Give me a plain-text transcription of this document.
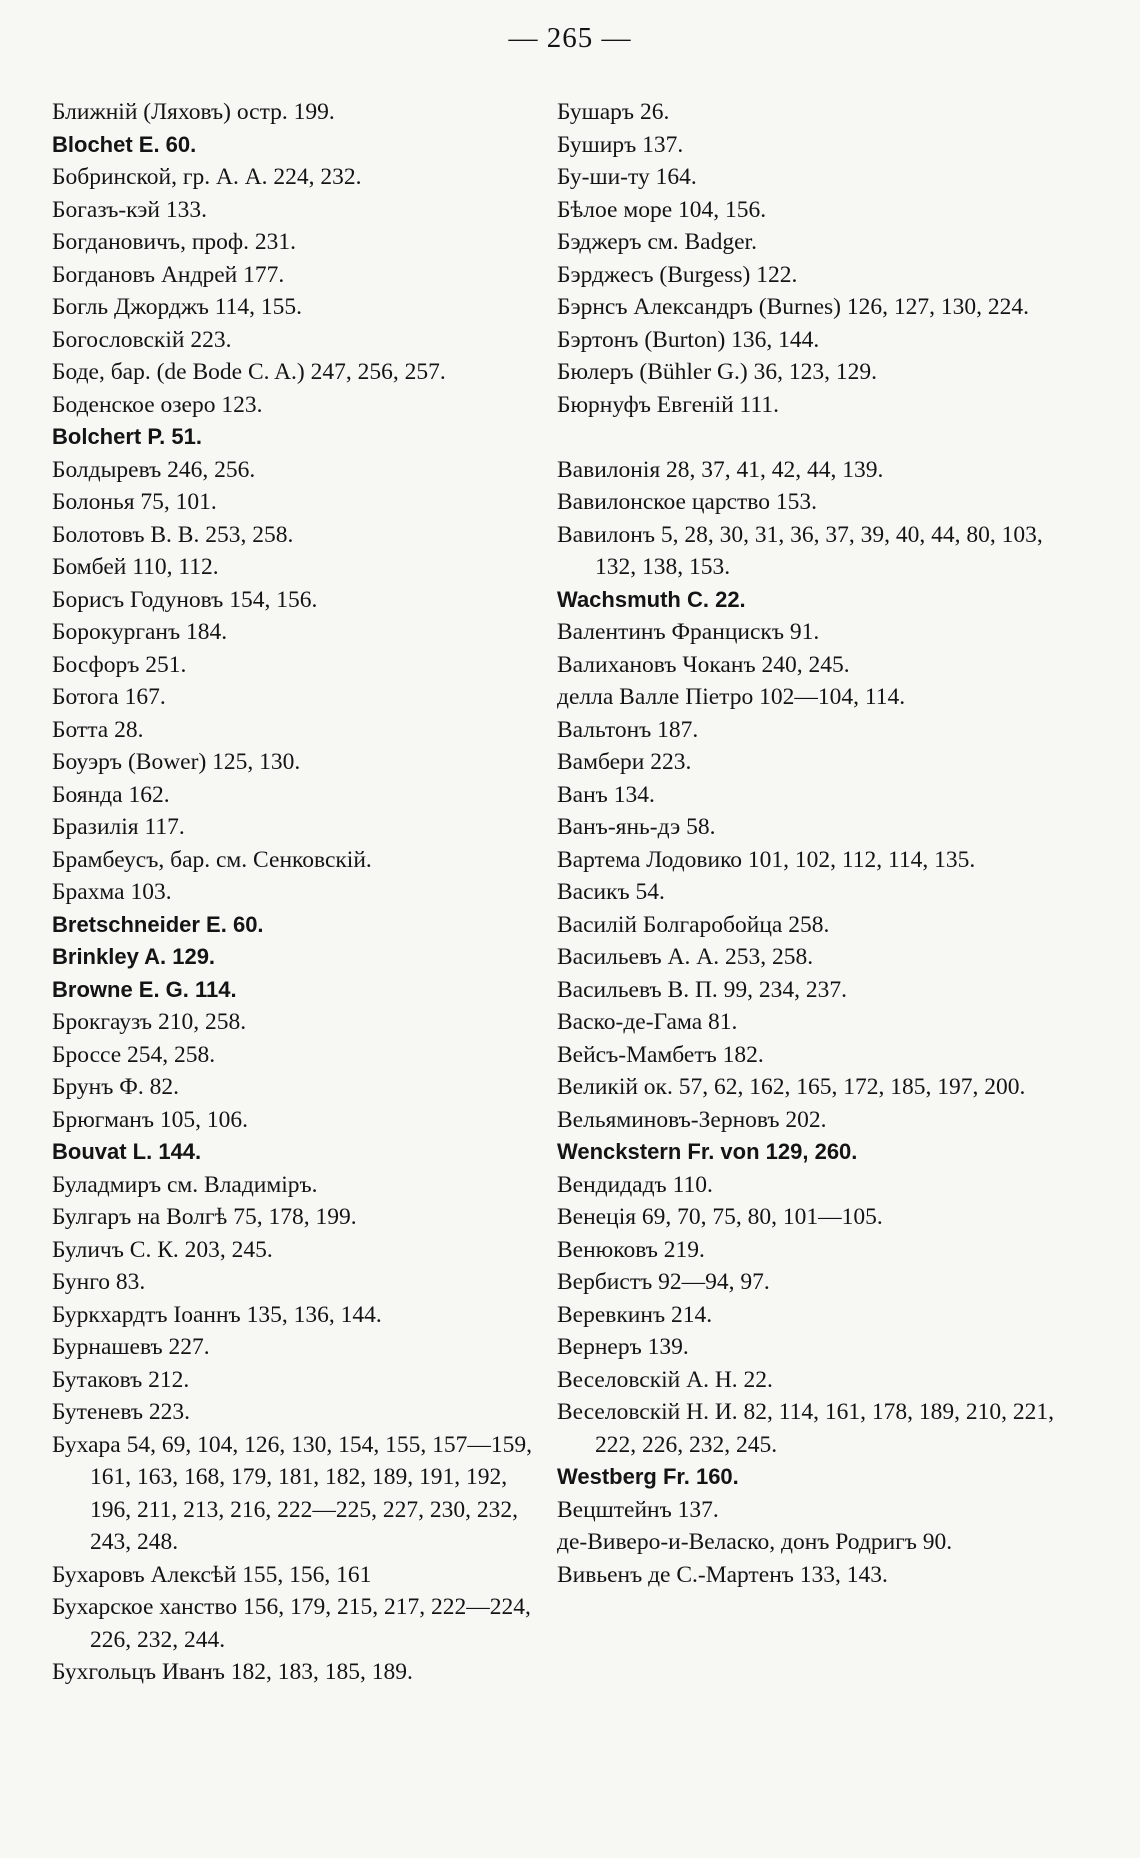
— 265 —
Ближній (Ляховъ) остр. 199.
Blochet E. 60.
Бобринской, гр. А. А. 224, 232.
Богазъ-кэй 133.
Богдановичъ, проф. 231.
Богдановъ Андрей 177.
Богль Джорджъ 114, 155.
Богословскій 223.
Боде, бар. (de Bode C. A.) 247, 256, 257.
Боденское озеро 123.
Bolchert P. 51.
Болдыревъ 246, 256.
Болонья 75, 101.
Болотовъ В. В. 253, 258.
Бомбей 110, 112.
Борисъ Годуновъ 154, 156.
Борокурганъ 184.
Босфоръ 251.
Ботога 167.
Ботта 28.
Боуэръ (Bower) 125, 130.
Боянда 162.
Бразилія 117.
Брамбеусъ, бар. см. Сенковскій.
Брахма 103.
Bretschneider E. 60.
Brinkley A. 129.
Browne E. G. 114.
Брокгаузъ 210, 258.
Броссе 254, 258.
Брунъ Ф. 82.
Брюгманъ 105, 106.
Bouvat L. 144.
Буладмиръ см. Владиміръ.
Булгаръ на Волгѣ 75, 178, 199.
Буличъ С. К. 203, 245.
Бунго 83.
Буркхардтъ Іоаннъ 135, 136, 144.
Бурнашевъ 227.
Бутаковъ 212.
Бутеневъ 223.
Бухара 54, 69, 104, 126, 130, 154, 155, 157—159, 161, 163, 168, 179, 181, 182, 189, 191, 192, 196, 211, 213, 216, 222—225, 227, 230, 232, 243, 248.
Бухаровъ Алексѣй 155, 156, 161
Бухарское ханство 156, 179, 215, 217, 222—224, 226, 232, 244.
Бухгольцъ Иванъ 182, 183, 185, 189.
Бушаръ 26.
Буширъ 137.
Бу-ши-ту 164.
Бѣлое море 104, 156.
Бэджеръ см. Badger.
Бэрджесъ (Burgess) 122.
Бэрнсъ Александръ (Burnes) 126, 127, 130, 224.
Бэртонъ (Burton) 136, 144.
Бюлеръ (Bühler G.) 36, 123, 129.
Бюрнуфъ Евгеній 111.
Вавилонія 28, 37, 41, 42, 44, 139.
Вавилонское царство 153.
Вавилонъ 5, 28, 30, 31, 36, 37, 39, 40, 44, 80, 103, 132, 138, 153.
Wachsmuth C. 22.
Валентинъ Францискъ 91.
Валихановъ Чоканъ 240, 245.
делла Валле Піетро 102—104, 114.
Вальтонъ 187.
Вамбери 223.
Ванъ 134.
Ванъ-янь-дэ 58.
Вартема Лодовико 101, 102, 112, 114, 135.
Васикъ 54.
Василій Болгаробойца 258.
Васильевъ А. А. 253, 258.
Васильевъ В. П. 99, 234, 237.
Васко-де-Гама 81.
Вейсъ-Мамбетъ 182.
Великій ок. 57, 62, 162, 165, 172, 185, 197, 200.
Вельяминовъ-Зерновъ 202.
Wenckstern Fr. von 129, 260.
Вендидадъ 110.
Венеція 69, 70, 75, 80, 101—105.
Венюковъ 219.
Вербистъ 92—94, 97.
Веревкинъ 214.
Вернеръ 139.
Веселовскій А. Н. 22.
Веселовскій Н. И. 82, 114, 161, 178, 189, 210, 221, 222, 226, 232, 245.
Westberg Fr. 160.
Вецштейнъ 137.
де-Виверо-и-Веласко, донъ Родригъ 90.
Вивьенъ де С.-Мартенъ 133, 143.
